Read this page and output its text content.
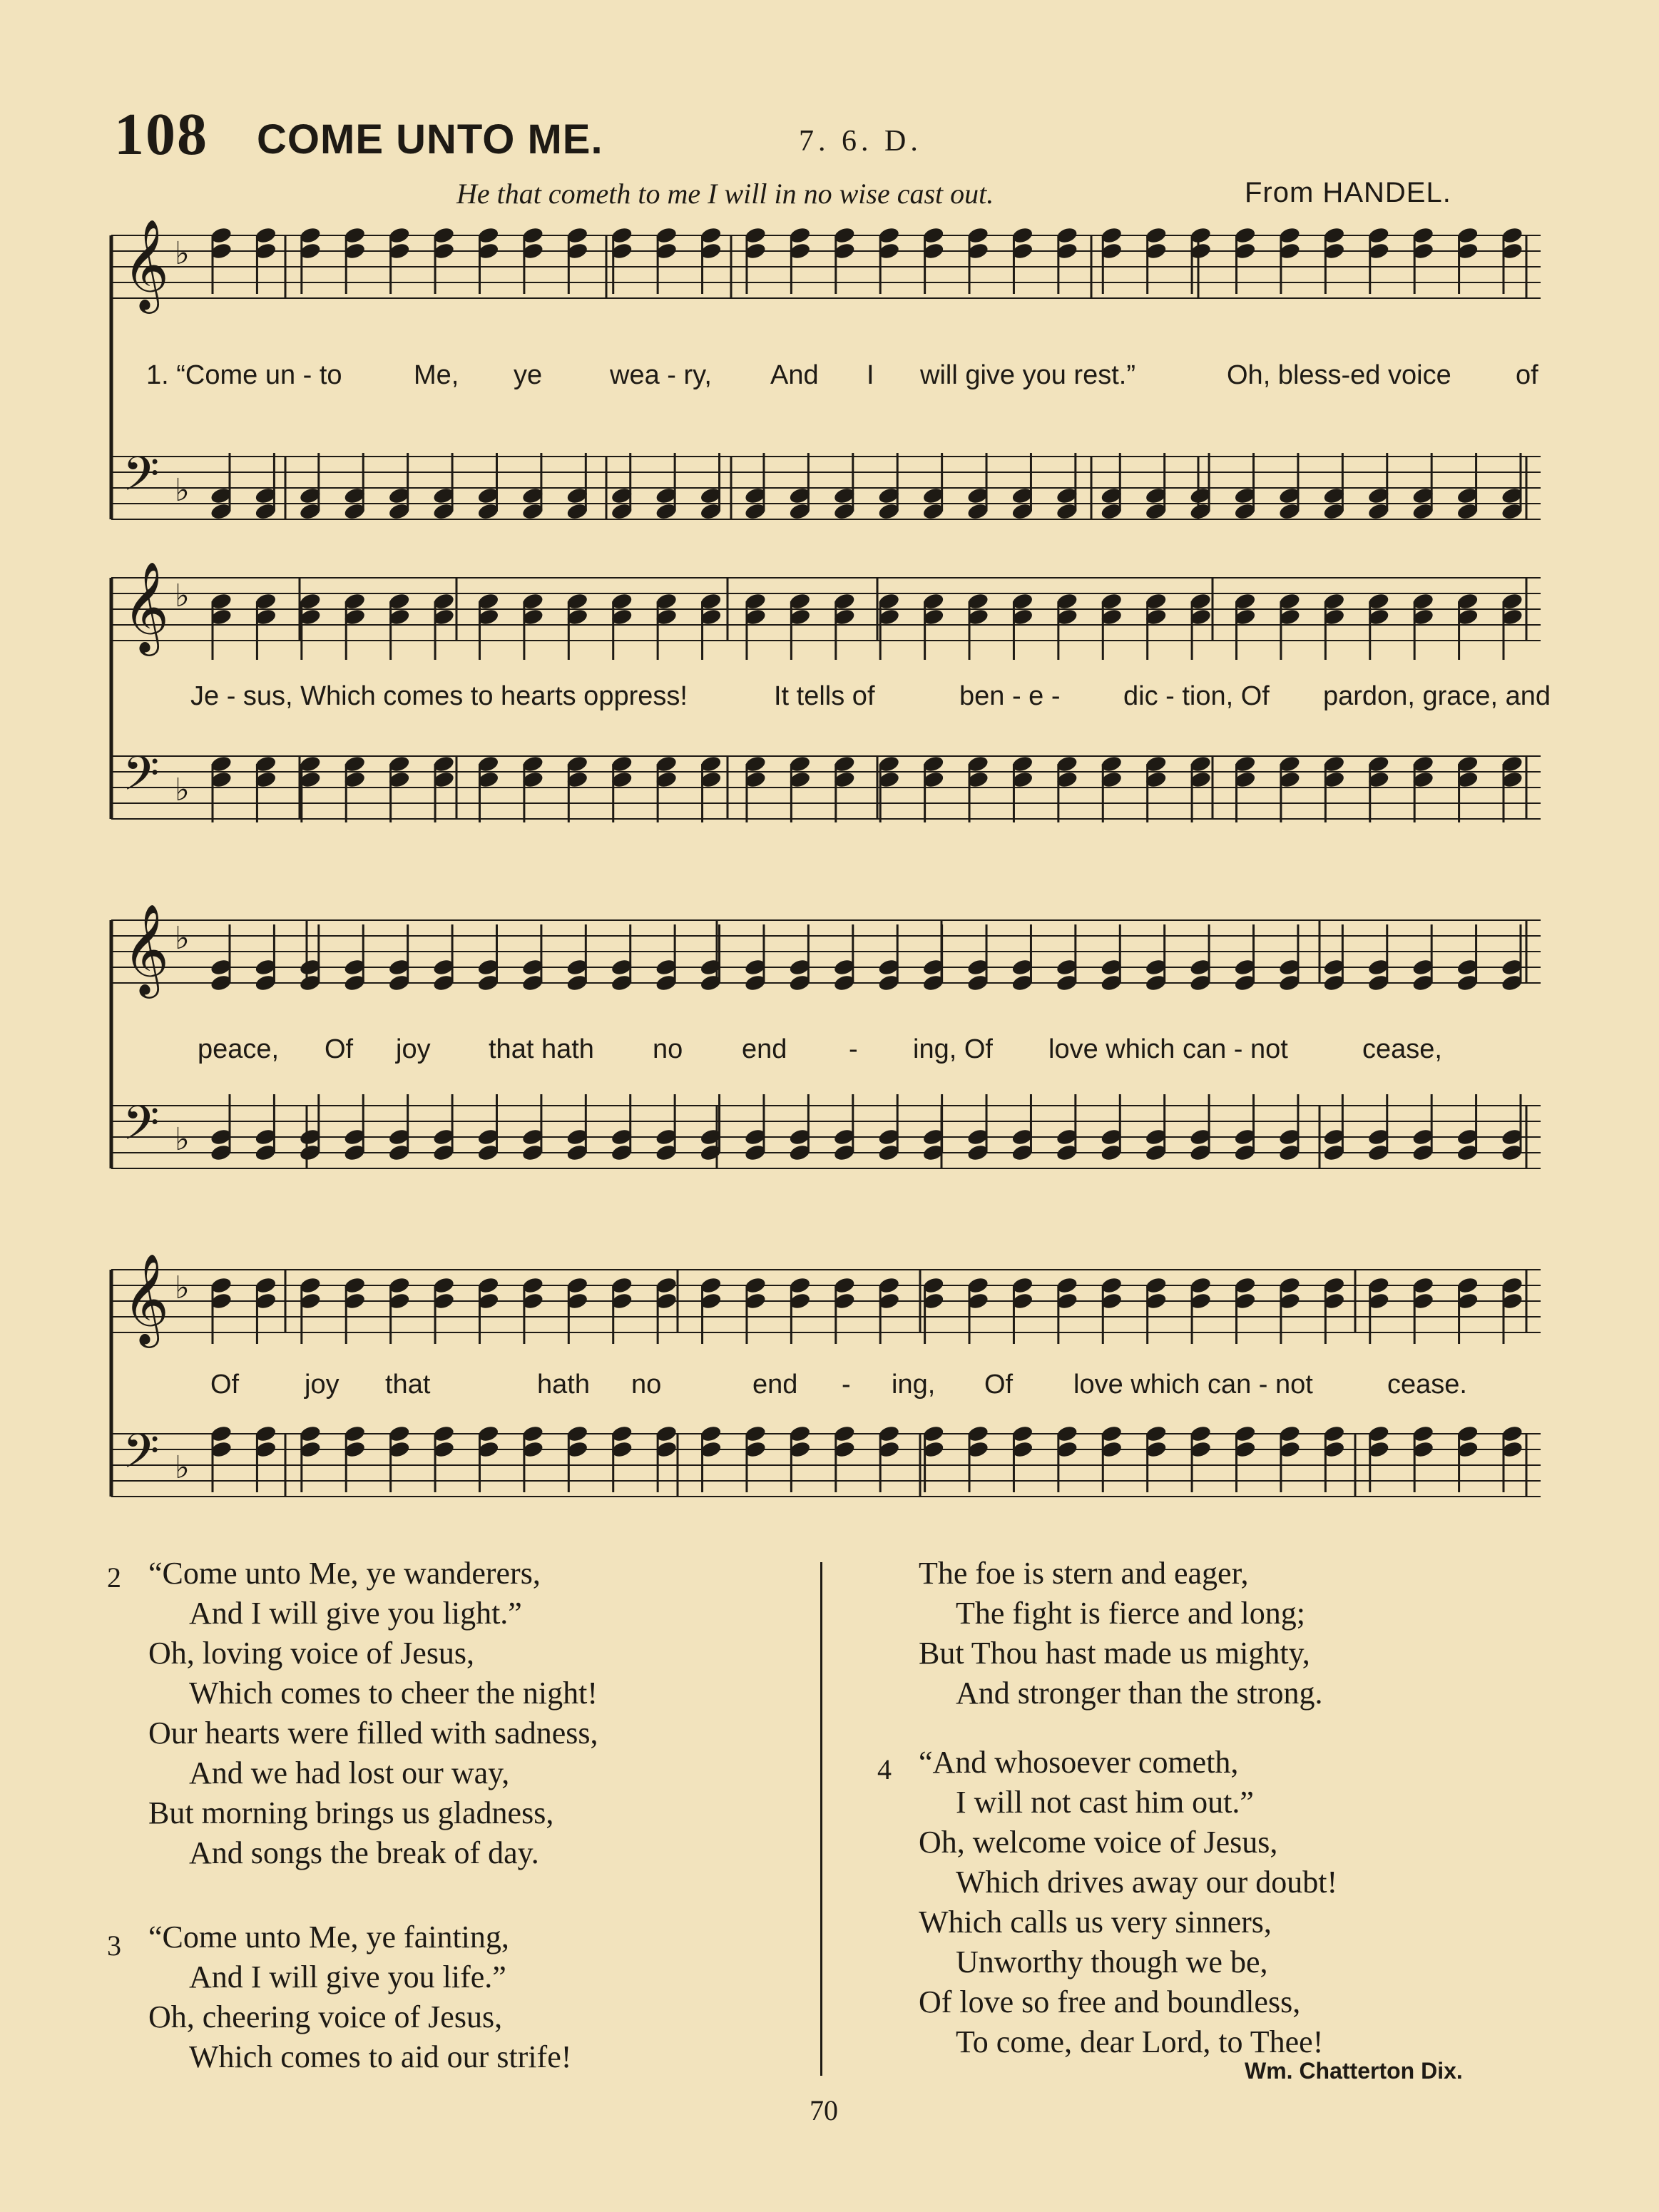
108 COME UNTO ME.	7. 6. D.
He that cometh to me I will in no wise cast out.	From HANDEL.
𝄞 ♭
𝄢 ♭
1. “Come un - to	Me, ye wea - ry, And I will give you rest.”	Oh, bless-ed voice of
𝄞 ♭
𝄢 ♭
Je - sus, Which comes to hearts oppress!	It tells of	ben - e - dic - tion, Of pardon, grace, and
𝄞 ♭
𝄢 ♭
peace, Of joy that hath no end - ing, Of love which can - not	cease,
𝄞 ♭
𝄢 ♭
Of joy that	hath no	end - ing, Of love which can - not	cease.
2 “Come unto Me, ye wanderers,
And I will give you light.”
Oh, loving voice of Jesus,
Which comes to cheer the night!
Our hearts were filled with sadness,
And we had lost our way,
But morning brings us gladness,
And songs the break of day.
3 “Come unto Me, ye fainting,
And I will give you life.”
Oh, cheering voice of Jesus,
Which comes to aid our strife!
The foe is stern and eager,
The fight is fierce and long;
But Thou hast made us mighty,
And stronger than the strong.
4 “And whosoever cometh,
I will not cast him out.”
Oh, welcome voice of Jesus,
Which drives away our doubt!
Which calls us very sinners,
Unworthy though we be,
Of love so free and boundless,
To come, dear Lord, to Thee!
Wm. Chatterton Dix.
70
